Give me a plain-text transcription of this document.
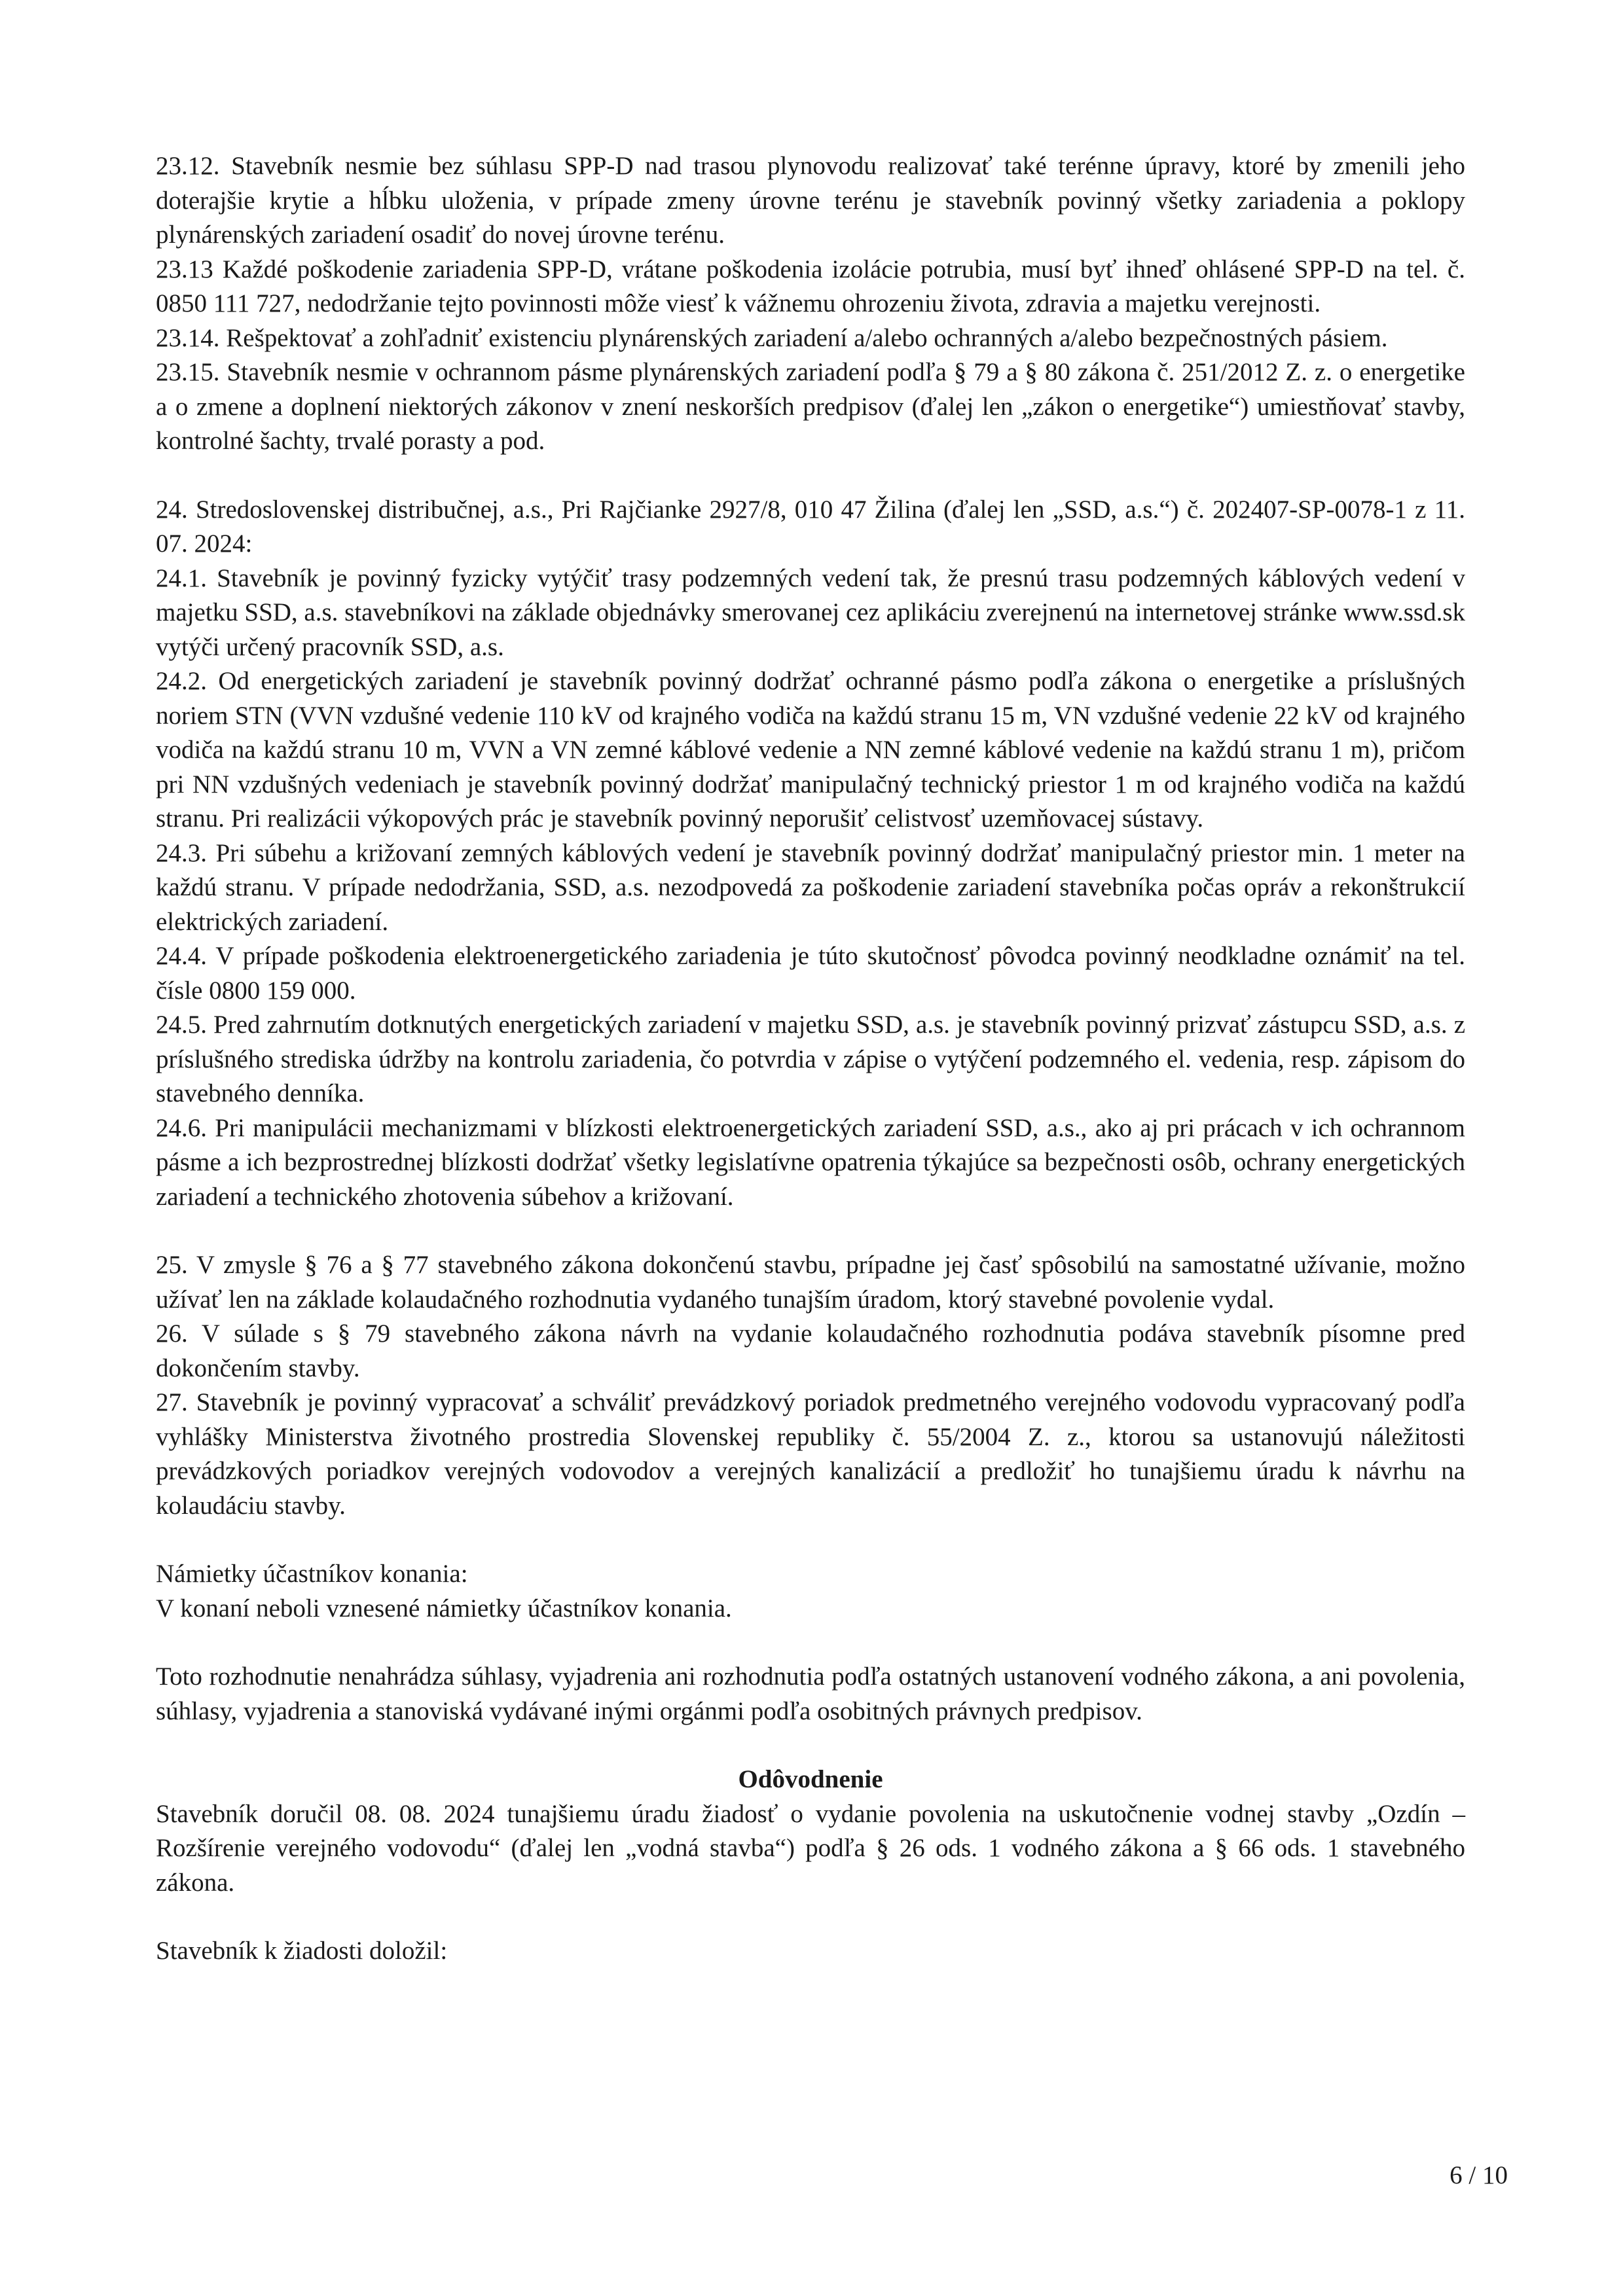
23.12. Stavebník nesmie bez súhlasu SPP-D nad trasou plynovodu realizovať také terénne úpravy, ktoré by zmenili jeho doterajšie krytie a hĺbku uloženia, v prípade zmeny úrovne terénu je stavebník povinný všetky zariadenia a poklopy plynárenských zariadení osadiť do novej úrovne terénu.

23.13 Každé poškodenie zariadenia SPP-D, vrátane poškodenia izolácie potrubia, musí byť ihneď ohlásené SPP-D na tel. č. 0850 111 727, nedodržanie tejto povinnosti môže viesť k vážnemu ohrozeniu života, zdravia a majetku verejnosti.

23.14. Rešpektovať a zohľadniť existenciu plynárenských zariadení a/alebo ochranných a/alebo bezpečnostných pásiem.

23.15. Stavebník nesmie v ochrannom pásme plynárenských zariadení podľa § 79 a § 80 zákona č. 251/2012 Z. z. o energetike a o zmene a doplnení niektorých zákonov v znení neskorších predpisov (ďalej len „zákon o energetike“) umiestňovať stavby, kontrolné šachty, trvalé porasty a pod.

24. Stredoslovenskej distribučnej, a.s., Pri Rajčianke 2927/8, 010 47 Žilina (ďalej len „SSD, a.s.“) č. 202407-SP-0078-1 z 11. 07. 2024:

24.1. Stavebník je povinný fyzicky vytýčiť trasy podzemných vedení tak, že presnú trasu podzemných káblových vedení v majetku SSD, a.s. stavebníkovi na základe objednávky smerovanej cez aplikáciu zverejnenú na internetovej stránke www.ssd.sk vytýči určený pracovník SSD, a.s.

24.2. Od energetických zariadení je stavebník povinný dodržať ochranné pásmo podľa zákona o energetike a príslušných noriem STN (VVN vzdušné vedenie 110 kV od krajného vodiča na každú stranu 15 m, VN vzdušné vedenie 22 kV od krajného vodiča na každú stranu 10 m, VVN a VN zemné káblové vedenie a NN zemné káblové vedenie na každú stranu 1 m), pričom pri NN vzdušných vedeniach je stavebník povinný dodržať manipulačný technický priestor 1 m od krajného vodiča na každú stranu. Pri realizácii výkopových prác je stavebník povinný neporušiť celistvosť uzemňovacej sústavy.

24.3. Pri súbehu a križovaní zemných káblových vedení je stavebník povinný dodržať manipulačný priestor min. 1 meter na každú stranu. V prípade nedodržania, SSD, a.s. nezodpovedá za poškodenie zariadení stavebníka počas opráv a rekonštrukcií elektrických zariadení.

24.4. V prípade poškodenia elektroenergetického zariadenia je túto skutočnosť pôvodca povinný neodkladne oznámiť na tel. čísle 0800 159 000.

24.5. Pred zahrnutím dotknutých energetických zariadení v majetku SSD, a.s. je stavebník povinný prizvať zástupcu SSD, a.s. z príslušného strediska údržby na kontrolu zariadenia, čo potvrdia v zápise o vytýčení podzemného el. vedenia, resp. zápisom do stavebného denníka.

24.6. Pri manipulácii mechanizmami v blízkosti elektroenergetických zariadení SSD, a.s., ako aj pri prácach v ich ochrannom pásme a ich bezprostrednej blízkosti dodržať všetky legislatívne opatrenia týkajúce sa bezpečnosti osôb, ochrany energetických zariadení a technického zhotovenia súbehov a križovaní.

25. V zmysle § 76 a § 77 stavebného zákona dokončenú stavbu, prípadne jej časť spôsobilú na samostatné užívanie, možno užívať len na základe kolaudačného rozhodnutia vydaného tunajším úradom, ktorý stavebné povolenie vydal.

26. V súlade s § 79 stavebného zákona návrh na vydanie kolaudačného rozhodnutia podáva stavebník písomne pred dokončením stavby.

27. Stavebník je povinný vypracovať a schváliť prevádzkový poriadok predmetného verejného vodovodu vypracovaný podľa vyhlášky Ministerstva životného prostredia Slovenskej republiky č. 55/2004 Z. z., ktorou sa ustanovujú náležitosti prevádzkových poriadkov verejných vodovodov a verejných kanalizácií a predložiť ho tunajšiemu úradu k návrhu na kolaudáciu stavby.

Námietky účastníkov konania:

V konaní neboli vznesené námietky účastníkov konania.

Toto rozhodnutie nenahrádza súhlasy, vyjadrenia ani rozhodnutia podľa ostatných ustanovení vodného zákona, a ani povolenia, súhlasy, vyjadrenia a stanoviská vydávané inými orgánmi podľa osobitných právnych predpisov.

Odôvodnenie

Stavebník doručil 08. 08. 2024 tunajšiemu úradu žiadosť o vydanie povolenia na uskutočnenie vodnej stavby „Ozdín – Rozšírenie verejného vodovodu“ (ďalej len „vodná stavba“) podľa § 26 ods. 1 vodného zákona a § 66 ods. 1 stavebného zákona.

Stavebník k žiadosti doložil:

6 / 10
